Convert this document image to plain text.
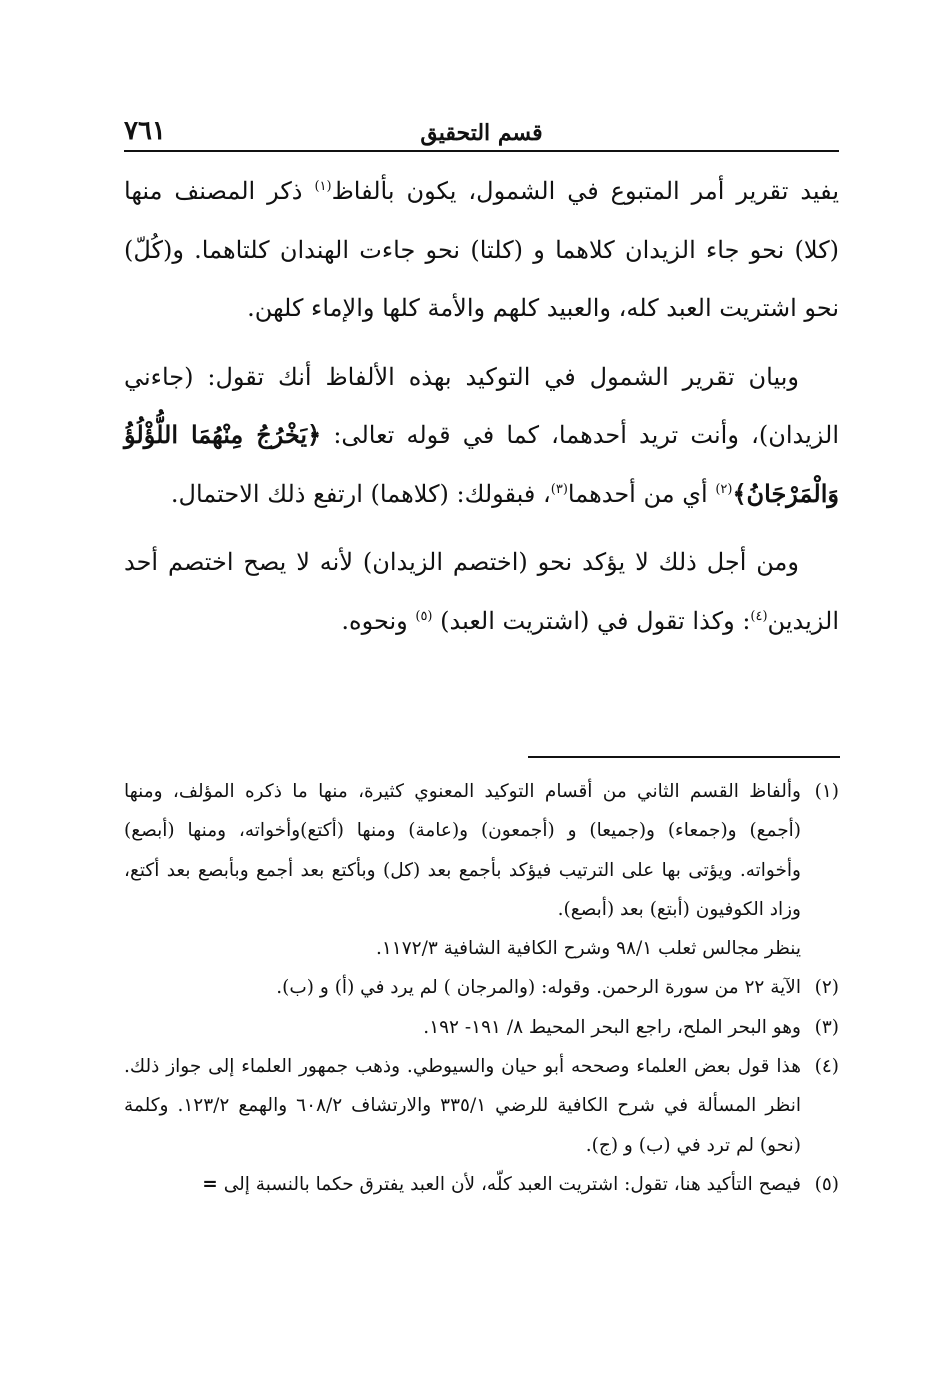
٧٦١	قسم التحقيق

يفيد تقرير أمر المتبوع في الشمول، يكون بألفاظ$^{(١)}$ ذكر المصنف منها (كلا) نحو جاء الزيدان كلاهما و (كلتا) نحو جاءت الهندان كلتاهما. و(كُلّ) نحو اشتريت العبد كله، والعبيد كلهم والأمة كلها والإماء كلهن.

وبيان تقرير الشمول في التوكيد بهذه الألفاظ أنك تقول: (جاءني الزيدان)، وأنت تريد أحدهما، كما في قوله تعالى: ﴿يَخْرُجُ مِنْهُمَا اللُّؤْلُؤُ وَالْمَرْجَانُ﴾$^{(٢)}$ أي من أحدهما$^{(٣)}$، فبقولك: (كلاهما) ارتفع ذلك الاحتمال.

ومن أجل ذلك لا يؤكد نحو (اختصم الزيدان) لأنه لا يصح اختصم أحد الزيدين$^{(٤)}$: وكذا تقول في (اشتريت العبد) $^{(٥)}$ ونحوه.

(١)
وألفاظ القسم الثاني من أقسام التوكيد المعنوي كثيرة، منها ما ذكره المؤلف، ومنها (أجمع) و(جمعاء) و(جميعا) و (أجمعون) و(عامة) ومنها (أكتع)وأخواته، ومنها (أبصع) وأخواته. ويؤتى بها على الترتيب فيؤكد بأجمع بعد (كل) وبأكتع بعد أجمع وبأبصع بعد أكتع، وزاد الكوفيون (أبتع) بعد (أبصع).

ينظر مجالس ثعلب ٩٨/١ وشرح الكافية الشافية ١١٧٢/٣.

(٢)
الآية ٢٢ من سورة الرحمن. وقوله: (والمرجان ) لم يرد في (أ) و (ب).
(٣)
وهو البحر الملح، راجع البحر المحيط ٨/ ١٩١- ١٩٢.
(٤)
هذا قول بعض العلماء وصححه أبو حيان والسيوطي. وذهب جمهور العلماء إلى جواز ذلك. انظر المسألة في شرح الكافية للرضي ٣٣٥/١ والارتشاف ٦٠٨/٢ والهمع ١٢٣/٢. وكلمة (نحو) لم ترد في (ب) و (ج).
(٥)
فيصح التأكيد هنا، تقول: اشتريت العبد كلّه، لأن العبد يفترق حكما بالنسبة إلى =
